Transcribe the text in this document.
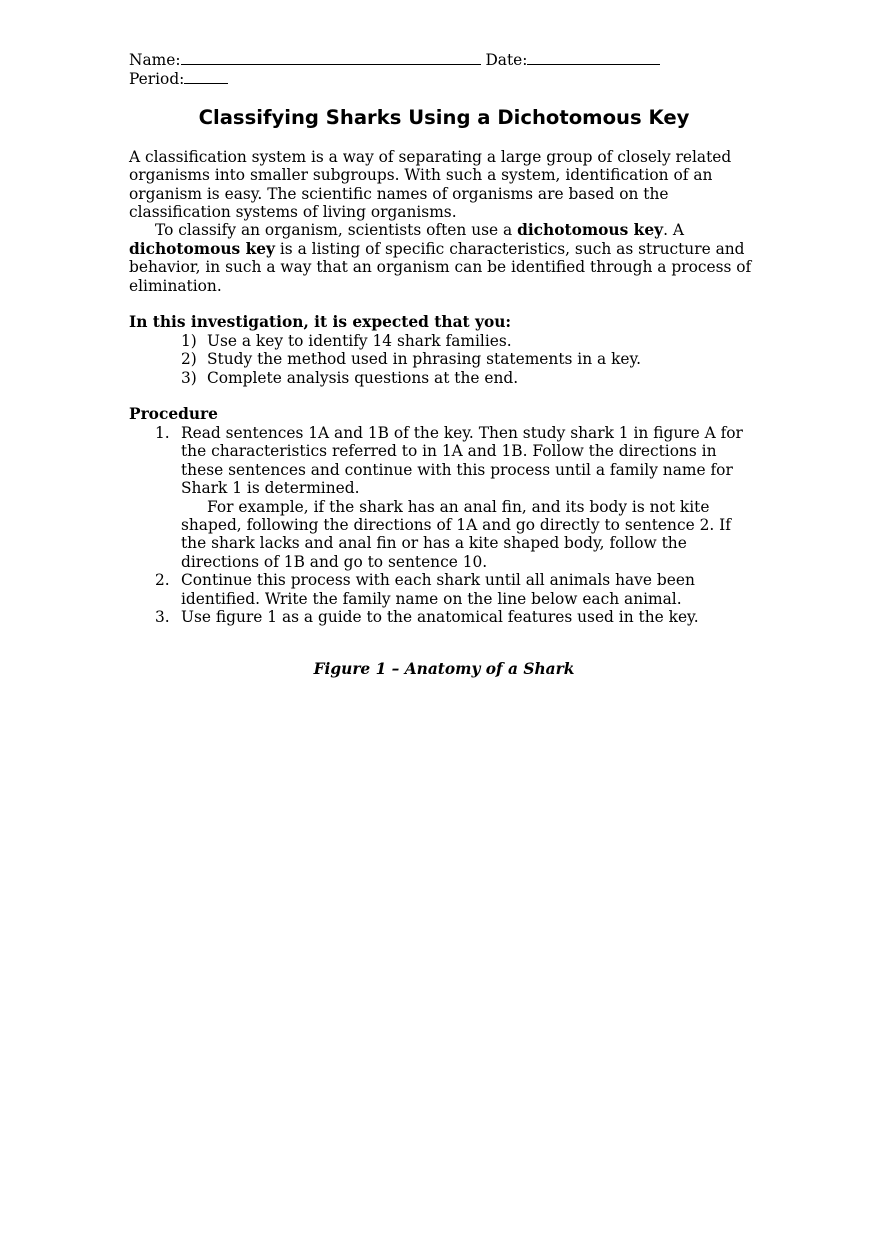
Name:	Date:
Period:
Classifying Sharks Using a Dichotomous Key

A classification system is a way of separating a large group of closely related organisms into smaller subgroups. With such a system, identification of an organism is easy. The scientific names of organisms are based on the classification systems of living organisms.

To classify an organism, scientists often use a dichotomous key. A dichotomous key is a listing of specific characteristics, such as structure and behavior, in such a way that an organism can be identified through a process of elimination.

In this investigation, it is expected that you:
1) Use a key to identify 14 shark families.
2) Study the method used in phrasing statements in a key.
3) Complete analysis questions at the end.
Procedure
1. Read sentences 1A and 1B of the key. Then study shark 1 in figure A for the characteristics referred to in 1A and 1B. Follow the directions in these sentences and continue with this process until a family name for Shark 1 is determined.
For example, if the shark has an anal fin, and its body is not kite shaped, following the directions of 1A and go directly to sentence 2. If the shark lacks and anal fin or has a kite shaped body, follow the directions of 1B and go to sentence 10.
2. Continue this process with each shark until all animals have been identified. Write the family name on the line below each animal.
3. Use figure 1 as a guide to the anatomical features used in the key.
Figure 1 – Anatomy of a Shark
